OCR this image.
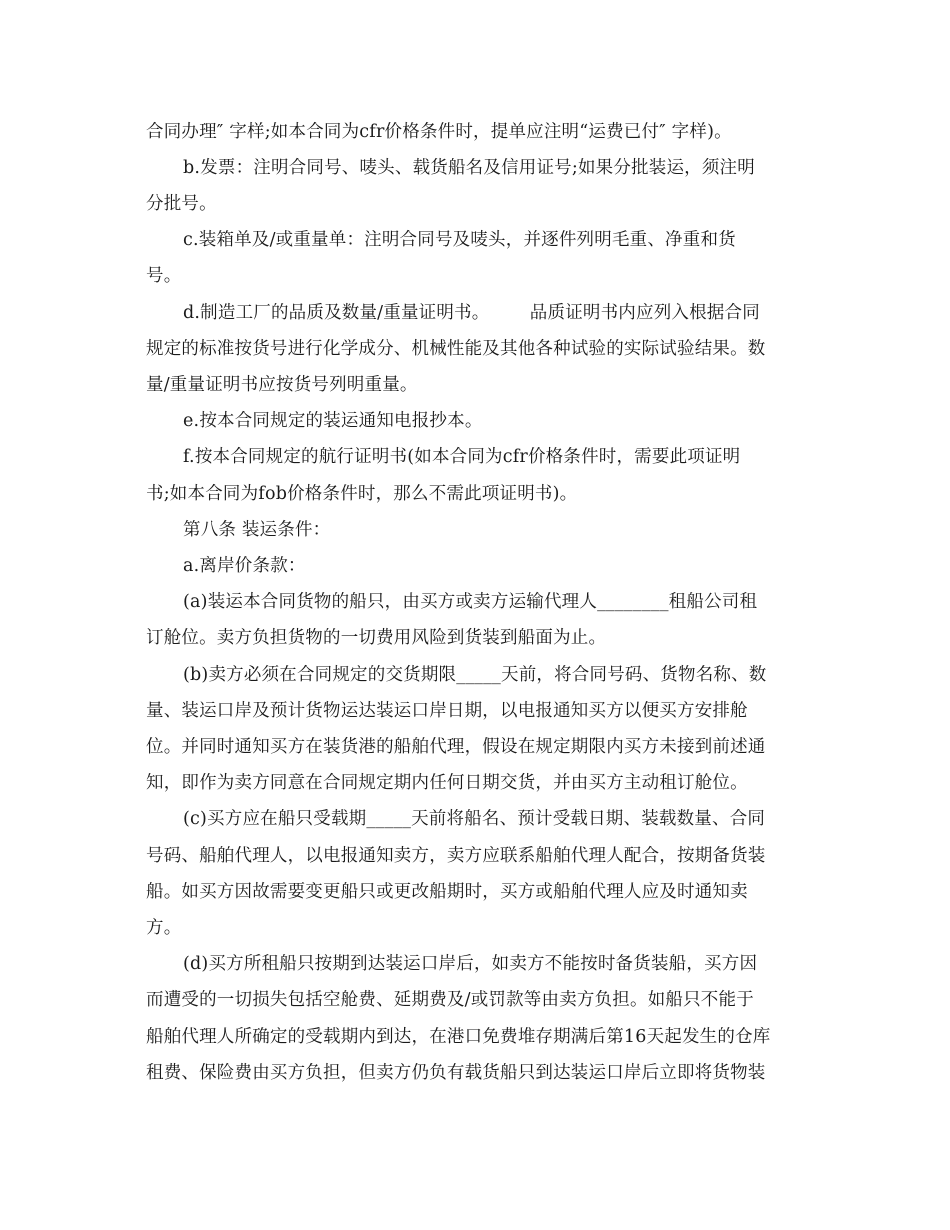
合同办理″ 字样;如本合同为cfr价格条件时，提单应注明“运费已付″ 字样)。
b.发票：注明合同号、唛头、载货船名及信用证号;如果分批装运，须注明
分批号。
c.装箱单及/或重量单：注明合同号及唛头，并逐件列明毛重、净重和货
号。
d.制造工厂的品质及数量/重量证明书。       品质证明书内应列入根据合同
规定的标准按货号进行化学成分、机械性能及其他各种试验的实际试验结果。数
量/重量证明书应按货号列明重量。
e.按本合同规定的装运通知电报抄本。
f.按本合同规定的航行证明书(如本合同为cfr价格条件时，需要此项证明
书;如本合同为fob价格条件时，那么不需此项证明书)。
第八条 装运条件：
a.离岸价条款：
(a)装运本合同货物的船只，由买方或卖方运输代理人________租船公司租
订舱位。卖方负担货物的一切费用风险到货装到船面为止。
(b)卖方必须在合同规定的交货期限_____天前，将合同号码、货物名称、数
量、装运口岸及预计货物运达装运口岸日期，以电报通知买方以便买方安排舱
位。并同时通知买方在装货港的船舶代理，假设在规定期限内买方未接到前述通
知，即作为卖方同意在合同规定期内任何日期交货，并由买方主动租订舱位。
(c)买方应在船只受载期_____天前将船名、预计受载日期、装载数量、合同
号码、船舶代理人，以电报通知卖方，卖方应联系船舶代理人配合，按期备货装
船。如买方因故需要变更船只或更改船期时，买方或船舶代理人应及时通知卖
方。
(d)买方所租船只按期到达装运口岸后，如卖方不能按时备货装船，买方因
而遭受的一切损失包括空舱费、延期费及/或罚款等由卖方负担。如船只不能于
船舶代理人所确定的受载期内到达，在港口免费堆存期满后第16天起发生的仓库
租费、保险费由买方负担，但卖方仍负有载货船只到达装运口岸后立即将货物装
